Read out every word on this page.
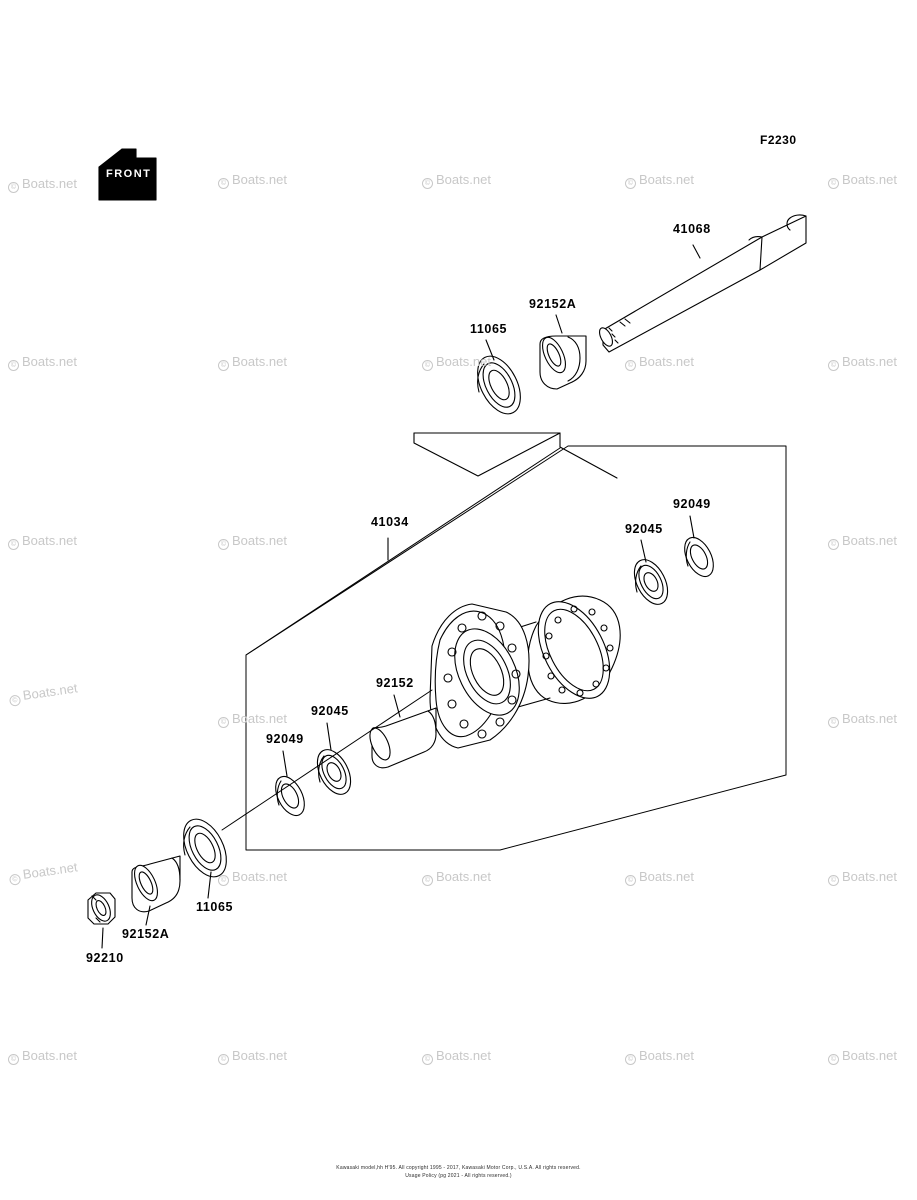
FRONT
F2230
41068
92152A
11065
92049
92045
41034
92152
92045
92049
11065
92152A
92210
© Boats.net	© Boats.net	© Boats.net	© Boats.net	© Boats.net
© Boats.net	© Boats.net	© Boats.net	© Boats.net	© Boats.net
© Boats.net	© Boats.net	© Boats.net
© Boats.net
© Boats.net	© Boats.net
© Boats.net	© Boats.net	© Boats.net	© Boats.net	© Boats.net
© Boats.net	© Boats.net	© Boats.net	© Boats.net	© Boats.net
Kawasaki model,hh H'95. All copyright 1995 - 2017, Kawasaki Motor Corp., U.S.A. All rights reserved.
Usage Policy (pg 2021 - All rights reserved.)
